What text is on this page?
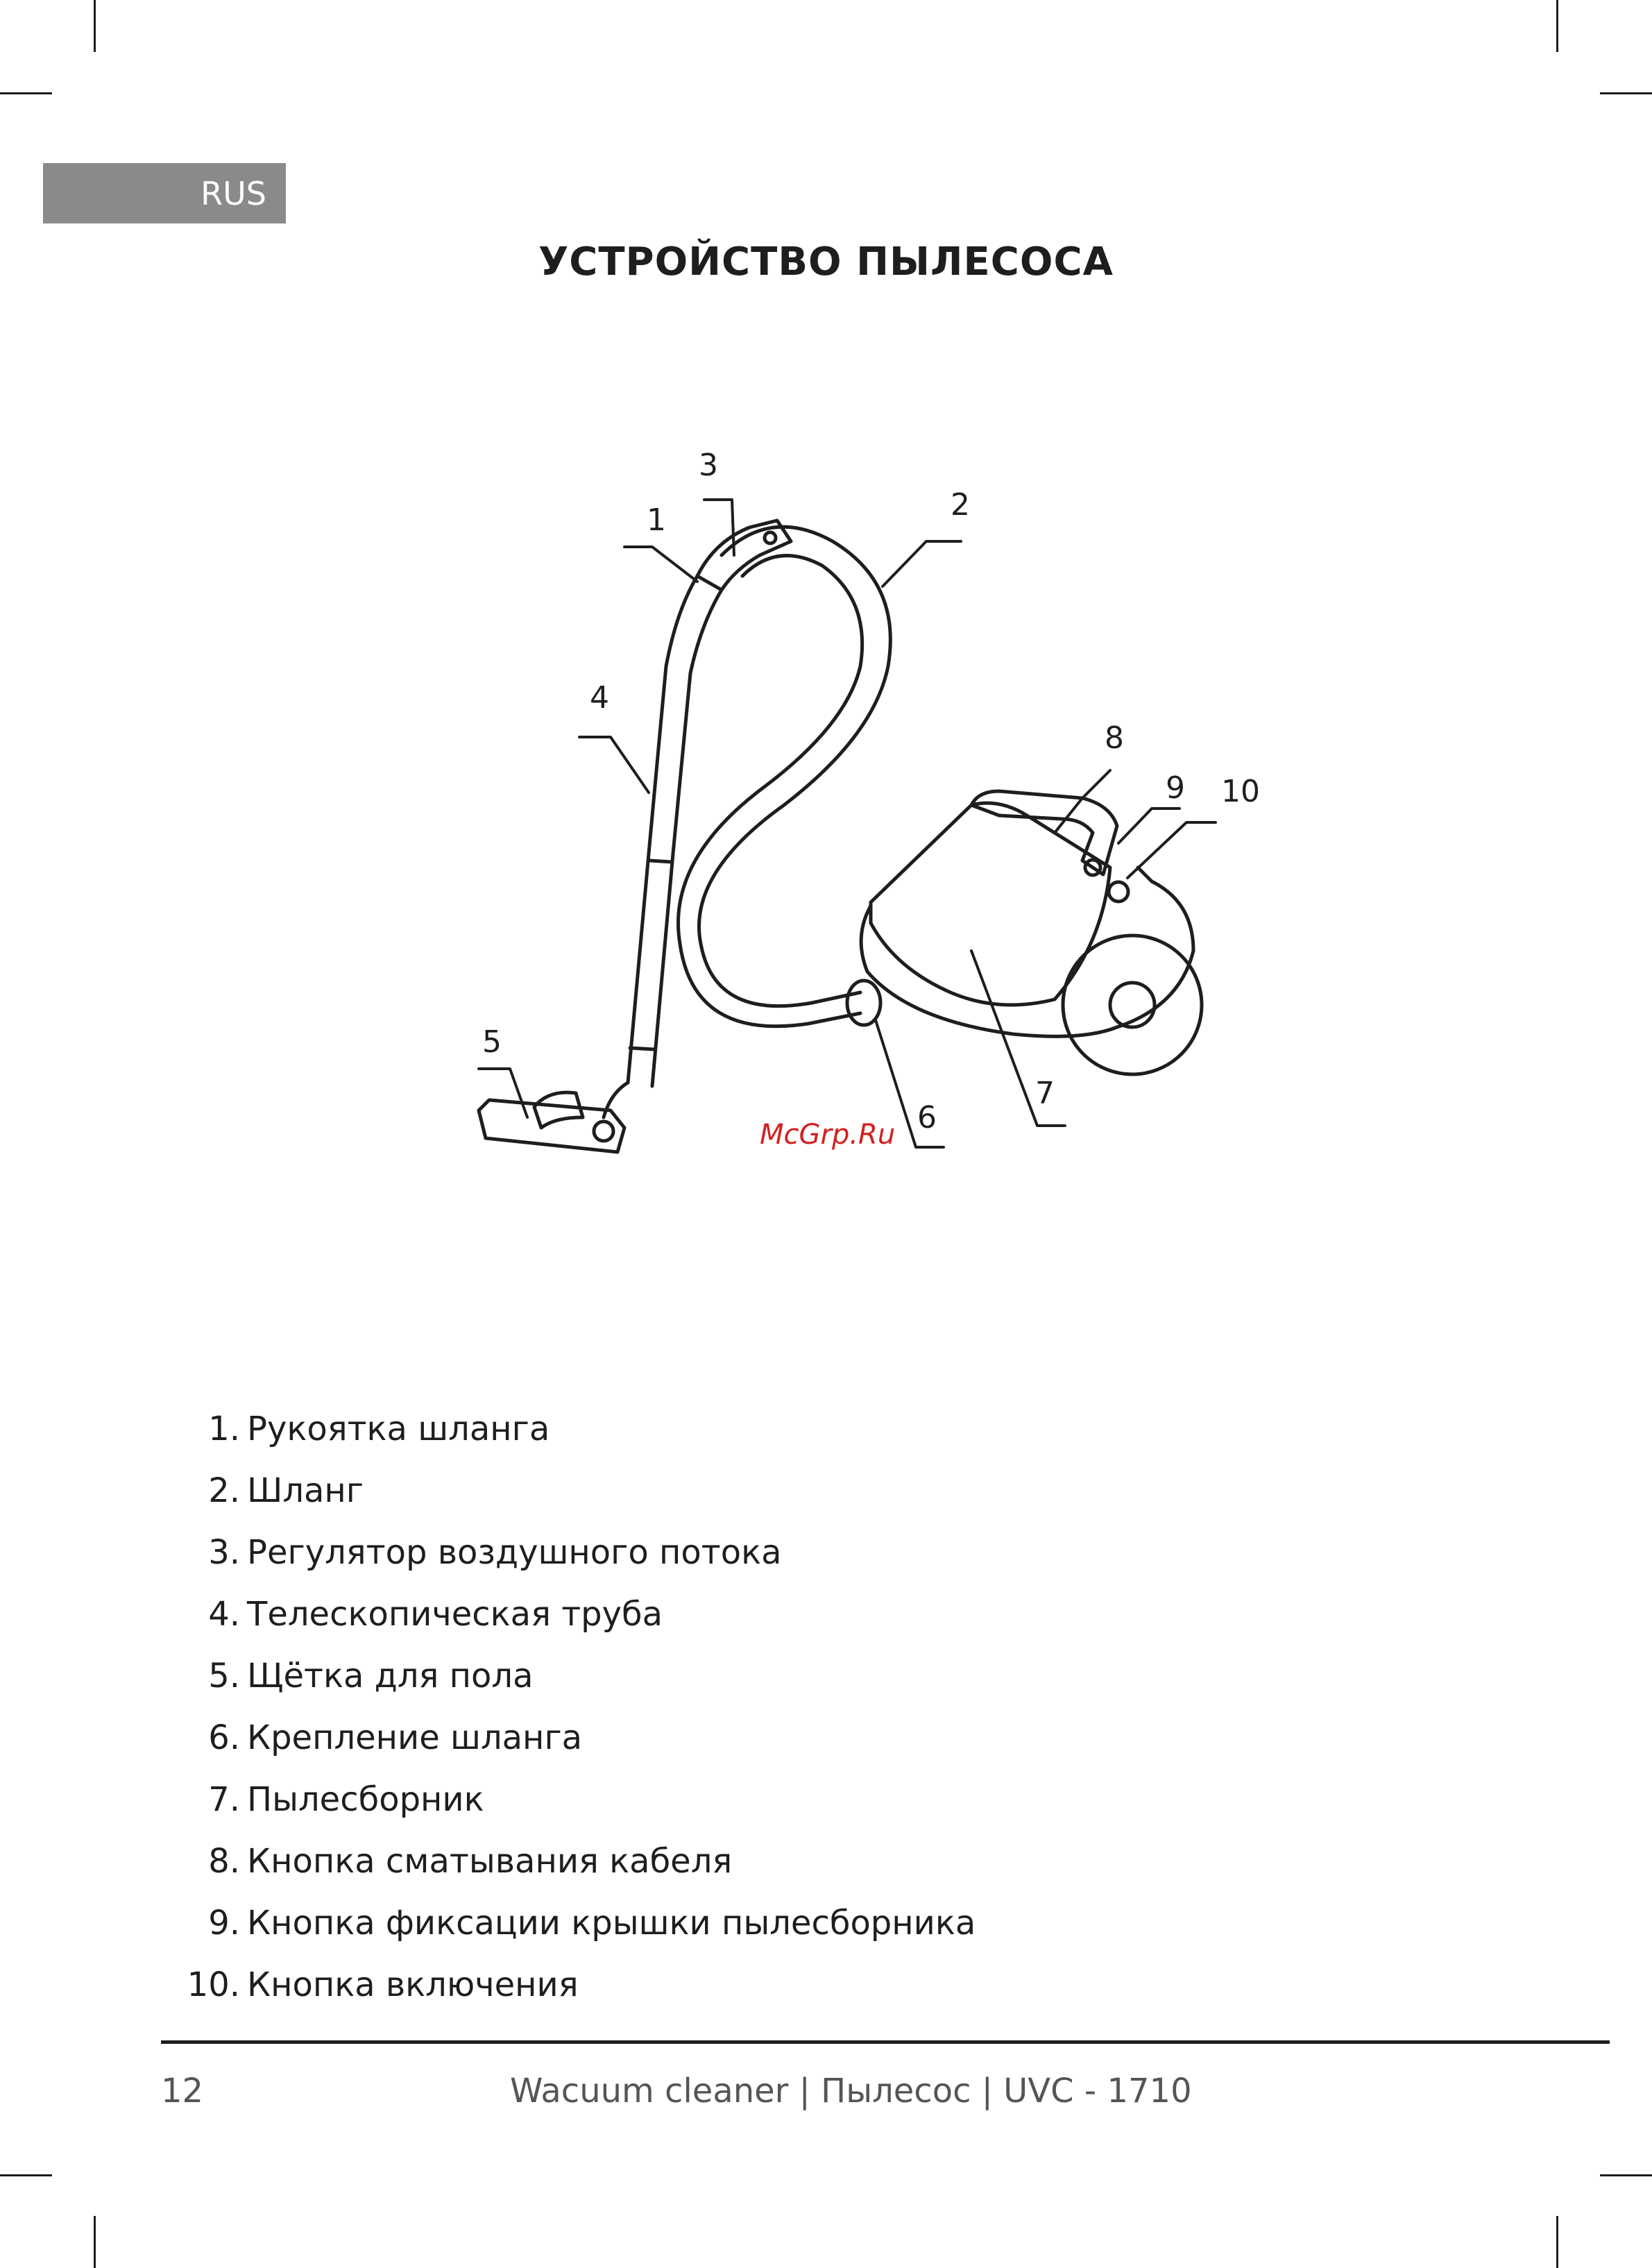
RUS
УСТРОЙСТВО ПЫЛЕСОСА
1	2
3
4
5
6
7
8
9 10
McGrp.Ru
1. Рукоятка шланга
2. Шланг
3. Регулятор воздушного потока
4. Телескопическая труба
5. Щётка для пола
6. Крепление шланга
7. Пылесборник
8. Кнопка сматывания кабеля
9. Кнопка фиксации крышки пылесборника
10. Кнопка включения
12	Wacuum cleaner | Пылесос | UVC - 1710
